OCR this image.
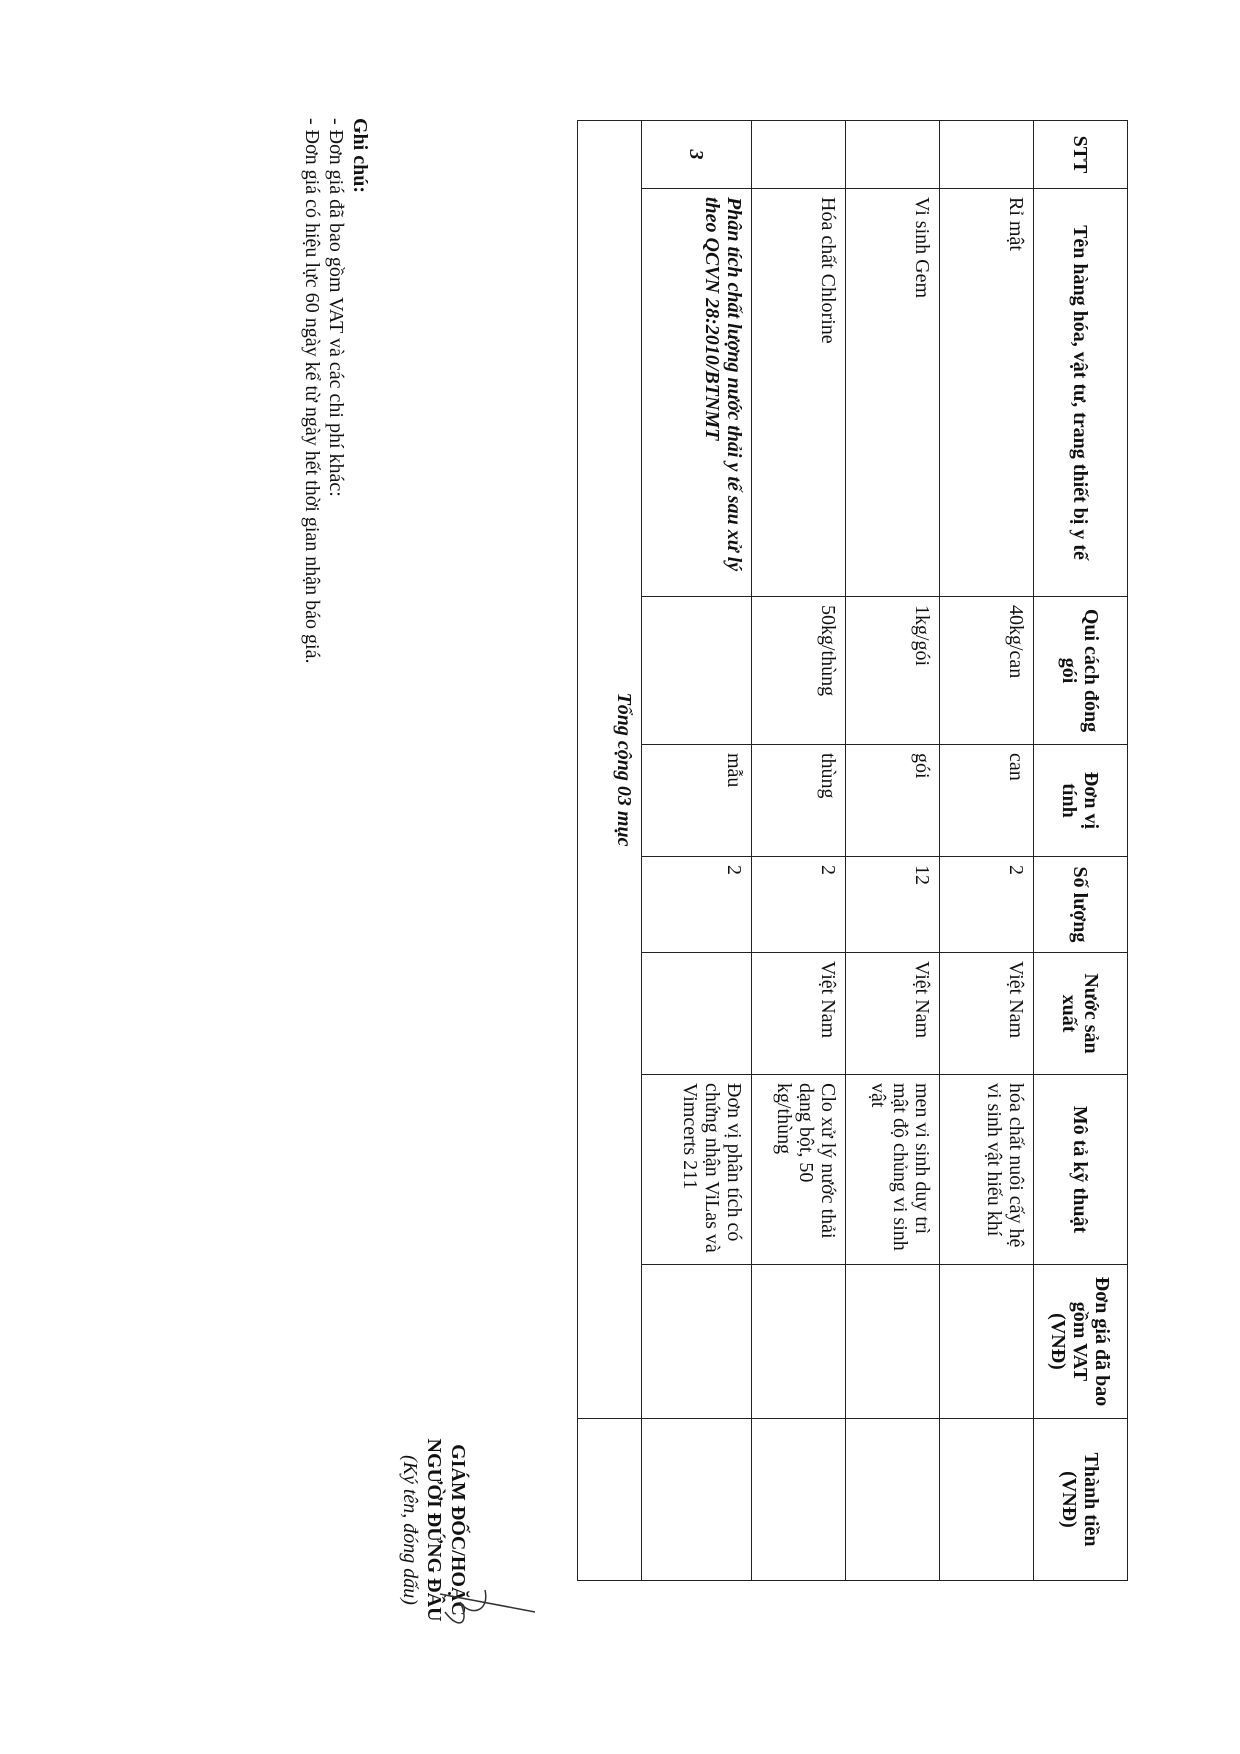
STT	Tên hàng hóa, vật tư, trang thiết bị y tế	Qui cách đóng gói	Đơn vị tính	Số lượng	Nước sản xuất	Mô tả kỹ thuật	Đơn giá đã bao gồm VAT (VNĐ)	Thành tiền (VNĐ)
	Rỉ mật	40kg/can	can	2	Việt Nam	hóa chất nuôi cấy hệ vi sinh vật hiếu khí		
	Vi sinh Gem	1kg/gói	gói	12	Việt Nam	men vi sinh duy trì mật độ chủng vi sinh vật		
	Hóa chất Chlorine	50kg/thùng	thùng	2	Việt Nam	Clo xử lý nước thải dạng bột, 50 kg/thùng		
3	Phân tích chất lượng nước thải y tế sau xử lý theo QCVN 28:2010/BTNMT		mẫu	2		Đơn vị phân tích có chứng nhận ViLas và Vimcerts 211		
Tổng cộng 03 mục								
Ghi chú:
- Đơn giá đã bao gồm VAT và các chi phí khác:
- Đơn giá có hiệu lực 60 ngày kể từ ngày hết thời gian nhận báo giá.
GIÁM ĐỐC/HOẶC
NGƯỜI ĐỨNG ĐẦU
(Ký tên, đóng dấu)
